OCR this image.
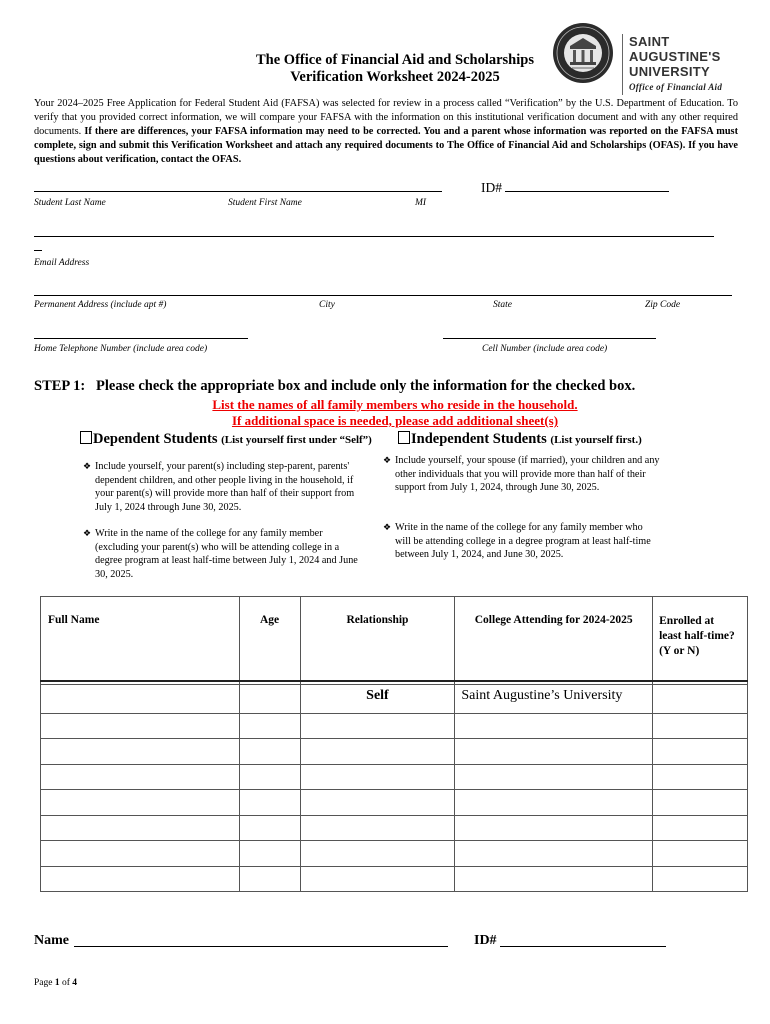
The Office of Financial Aid and Scholarships
Verification Worksheet 2024-2025
SAINT AUGUSTINE'S
UNIVERSITY
Office of Financial Aid
Your 2024–2025 Free Application for Federal Student Aid (FAFSA) was selected for review in a process called “Verification” by the U.S. Department of Education. To verify that you provided correct information, we will compare your FAFSA with the information on this institutional verification document and with any other required documents. If there are differences, your FAFSA information may need to be corrected. You and a parent whose information was reported on the FAFSA must complete, sign and submit this Verification Worksheet and attach any required documents to The Office of Financial Aid and Scholarships (OFAS). If you have questions about verification, contact the OFAS.
ID#
Student Last Name	Student First Name	MI
Email Address
Permanent Address (include apt #)	City	State	Zip Code
Home Telephone Number (include area code)	Cell Number (include area code)
STEP 1: Please check the appropriate box and include only the information for the checked box.
List the names of all family members who reside in the household.
If additional space is needed, please add additional sheet(s)
Dependent Students (List yourself first under “Self”)	Independent Students (List yourself first.)
❖ Include yourself, your parent(s) including step-parent, parents' dependent children, and other people living in the household, if your parent(s) will provide more than half of their support from July 1, 2024 through June 30, 2025.
❖ Write in the name of the college for any family member (excluding your parent(s) who will be attending college in a degree program at least half-time between July 1, 2024 and June 30, 2025.
❖ Include yourself, your spouse (if married), your children and any other individuals that you will provide more than half of their support from July 1, 2024, through June 30, 2025.
❖ Write in the name of the college for any family member who will be attending college in a degree program at least half-time between July 1, 2024, and June 30, 2025.
Full Name	Age	Relationship	College Attending for 2024-2025	Enrolled at least half-time? (Y or N)

		Self	Saint Augustine’s University	

Name	ID#
Page 1 of 4
